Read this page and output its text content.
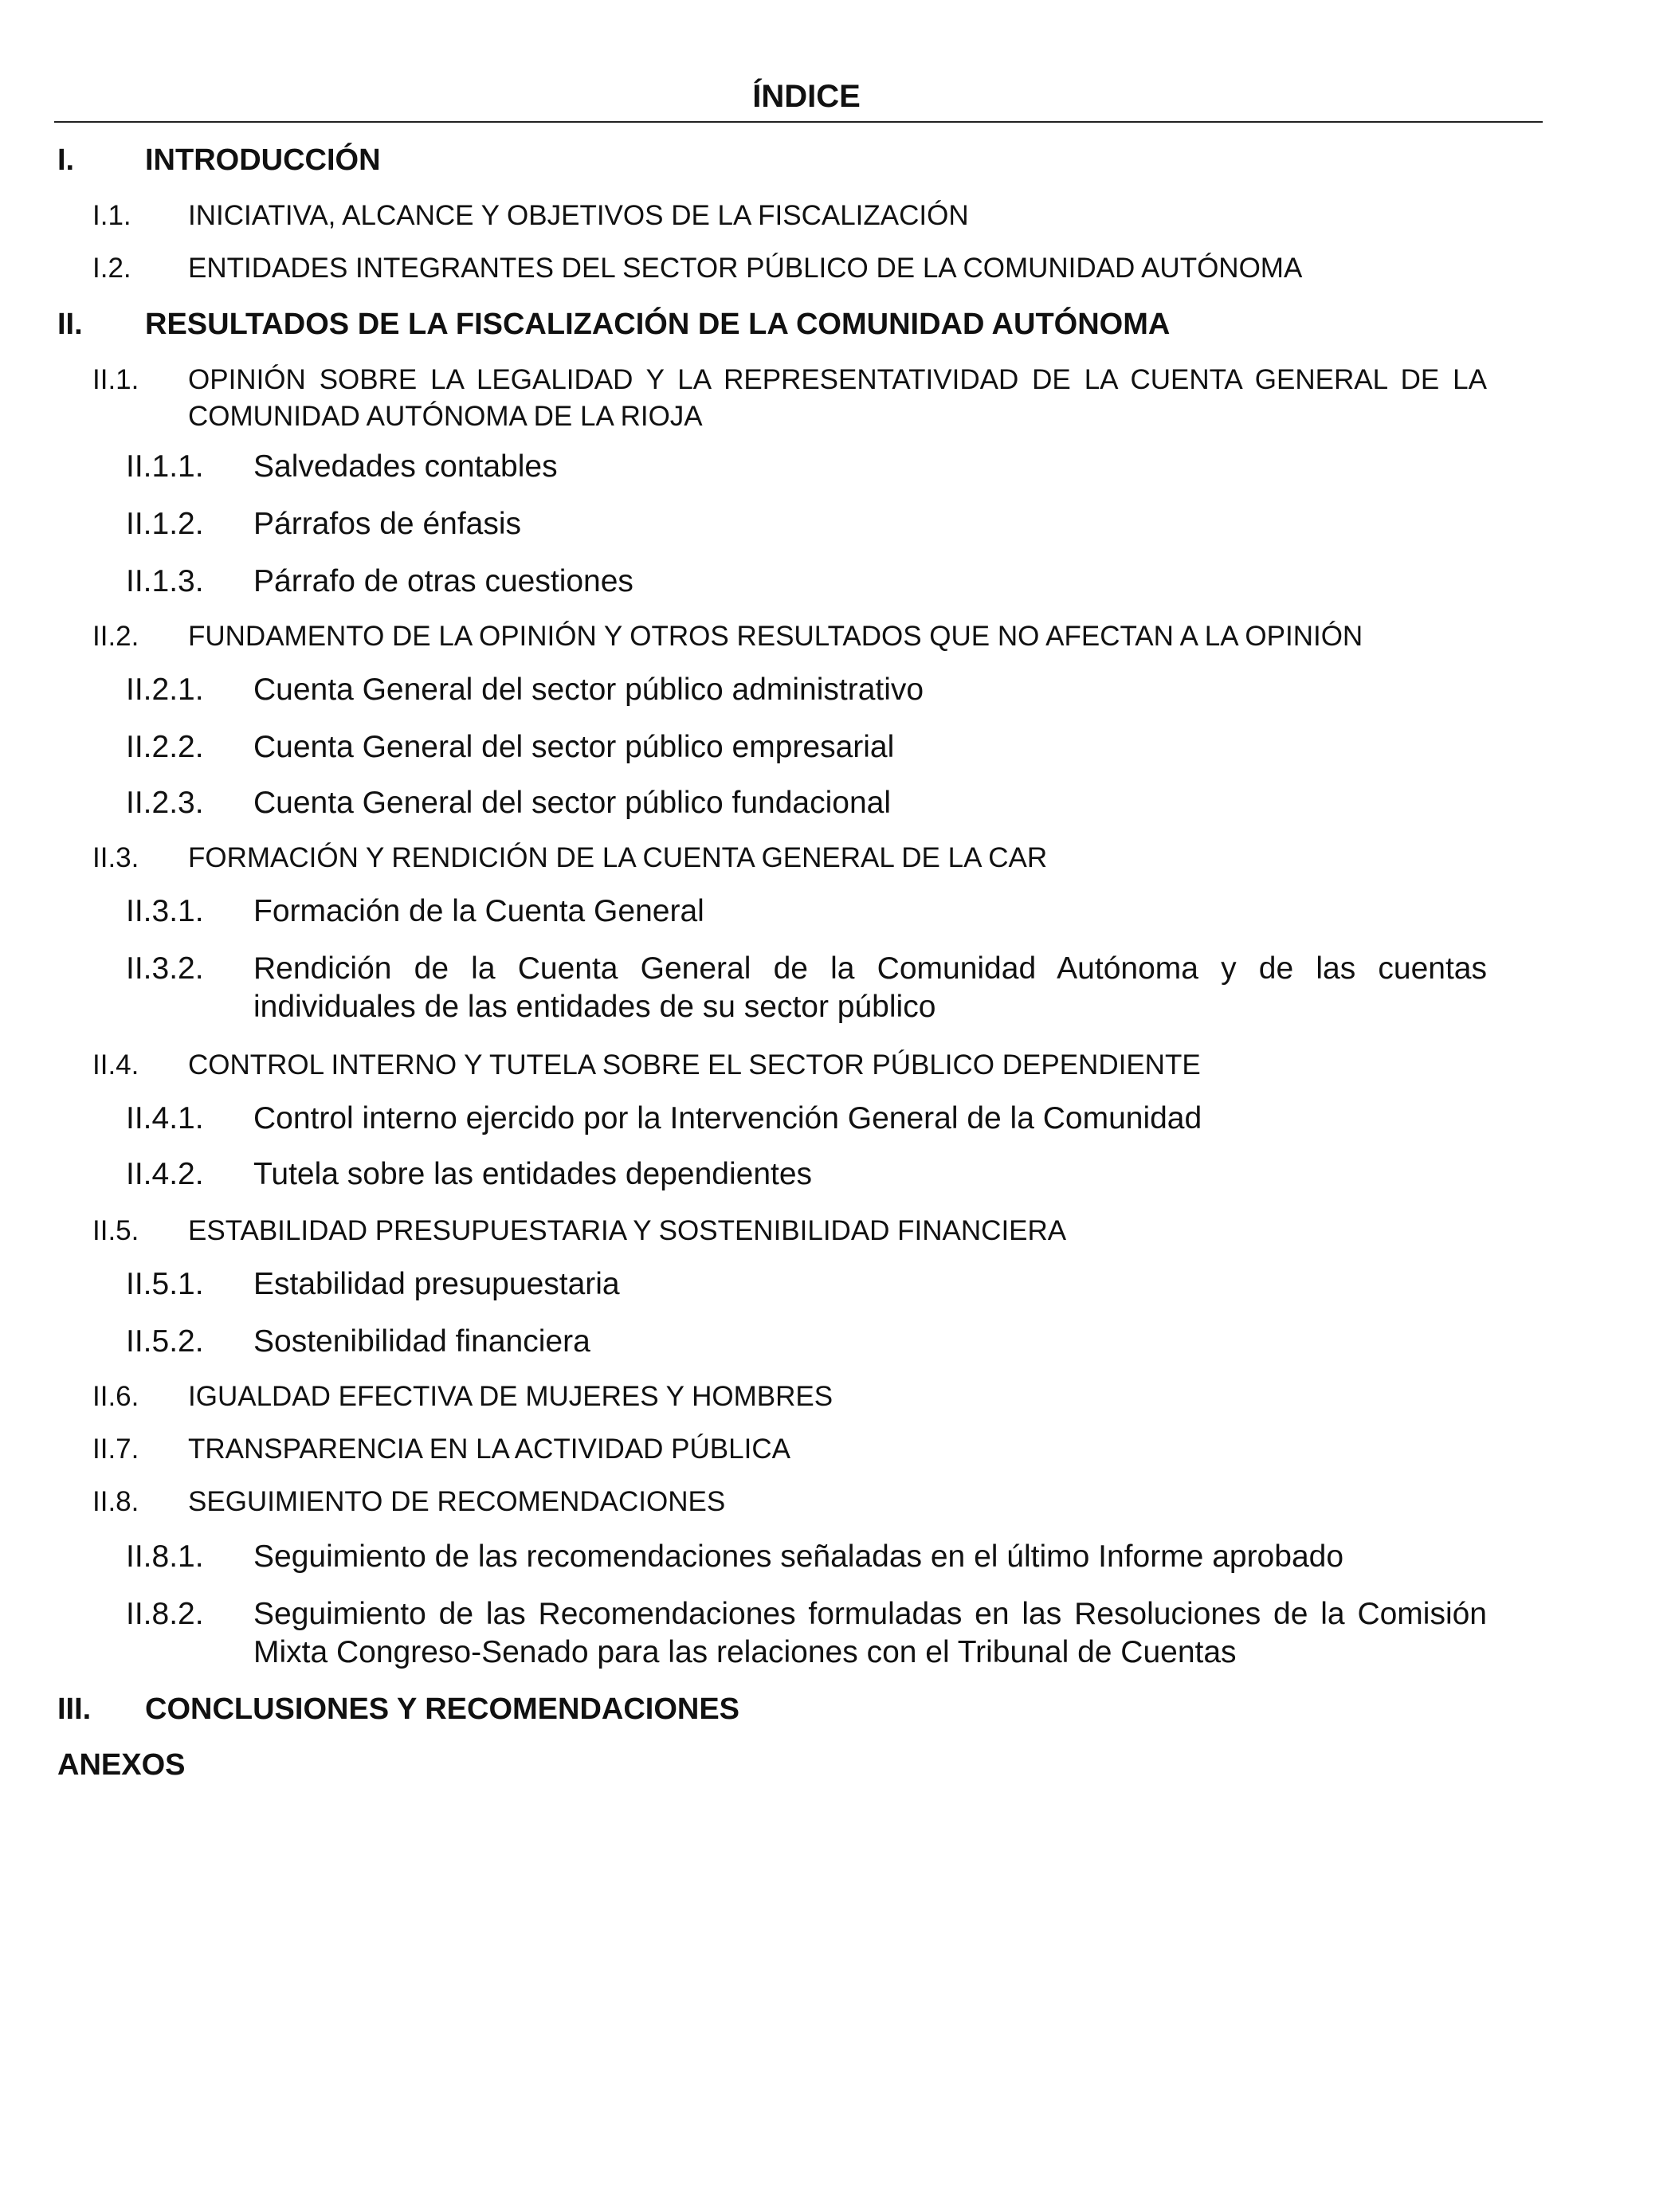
ÍNDICE
I. INTRODUCCIÓN
I.1. INICIATIVA, ALCANCE Y OBJETIVOS DE LA FISCALIZACIÓN
I.2. ENTIDADES INTEGRANTES DEL SECTOR PÚBLICO DE LA COMUNIDAD AUTÓNOMA
II. RESULTADOS DE LA FISCALIZACIÓN DE LA COMUNIDAD AUTÓNOMA
II.1. OPINIÓN SOBRE LA LEGALIDAD Y LA REPRESENTATIVIDAD DE LA CUENTA GENERAL DE LA COMUNIDAD AUTÓNOMA DE LA RIOJA
II.1.1. Salvedades contables
II.1.2. Párrafos de énfasis
II.1.3. Párrafo de otras cuestiones
II.2. FUNDAMENTO DE LA OPINIÓN Y OTROS RESULTADOS QUE NO AFECTAN A LA OPINIÓN
II.2.1. Cuenta General del sector público administrativo
II.2.2. Cuenta General del sector público empresarial
II.2.3. Cuenta General del sector público fundacional
II.3. FORMACIÓN Y RENDICIÓN DE LA CUENTA GENERAL DE LA CAR
II.3.1. Formación de la Cuenta General
II.3.2. Rendición de la Cuenta General de la Comunidad Autónoma y de las cuentas individuales de las entidades de su sector público
II.4. CONTROL INTERNO Y TUTELA SOBRE EL SECTOR PÚBLICO DEPENDIENTE
II.4.1. Control interno ejercido por la Intervención General de la Comunidad
II.4.2. Tutela sobre las entidades dependientes
II.5. ESTABILIDAD PRESUPUESTARIA Y SOSTENIBILIDAD FINANCIERA
II.5.1. Estabilidad presupuestaria
II.5.2. Sostenibilidad financiera
II.6. IGUALDAD EFECTIVA DE MUJERES Y HOMBRES
II.7. TRANSPARENCIA EN LA ACTIVIDAD PÚBLICA
II.8. SEGUIMIENTO DE RECOMENDACIONES
II.8.1. Seguimiento de las recomendaciones señaladas en el último Informe aprobado
II.8.2. Seguimiento de las Recomendaciones formuladas en las Resoluciones de la Comisión Mixta Congreso-Senado para las relaciones con el Tribunal de Cuentas
III. CONCLUSIONES Y RECOMENDACIONES
ANEXOS
